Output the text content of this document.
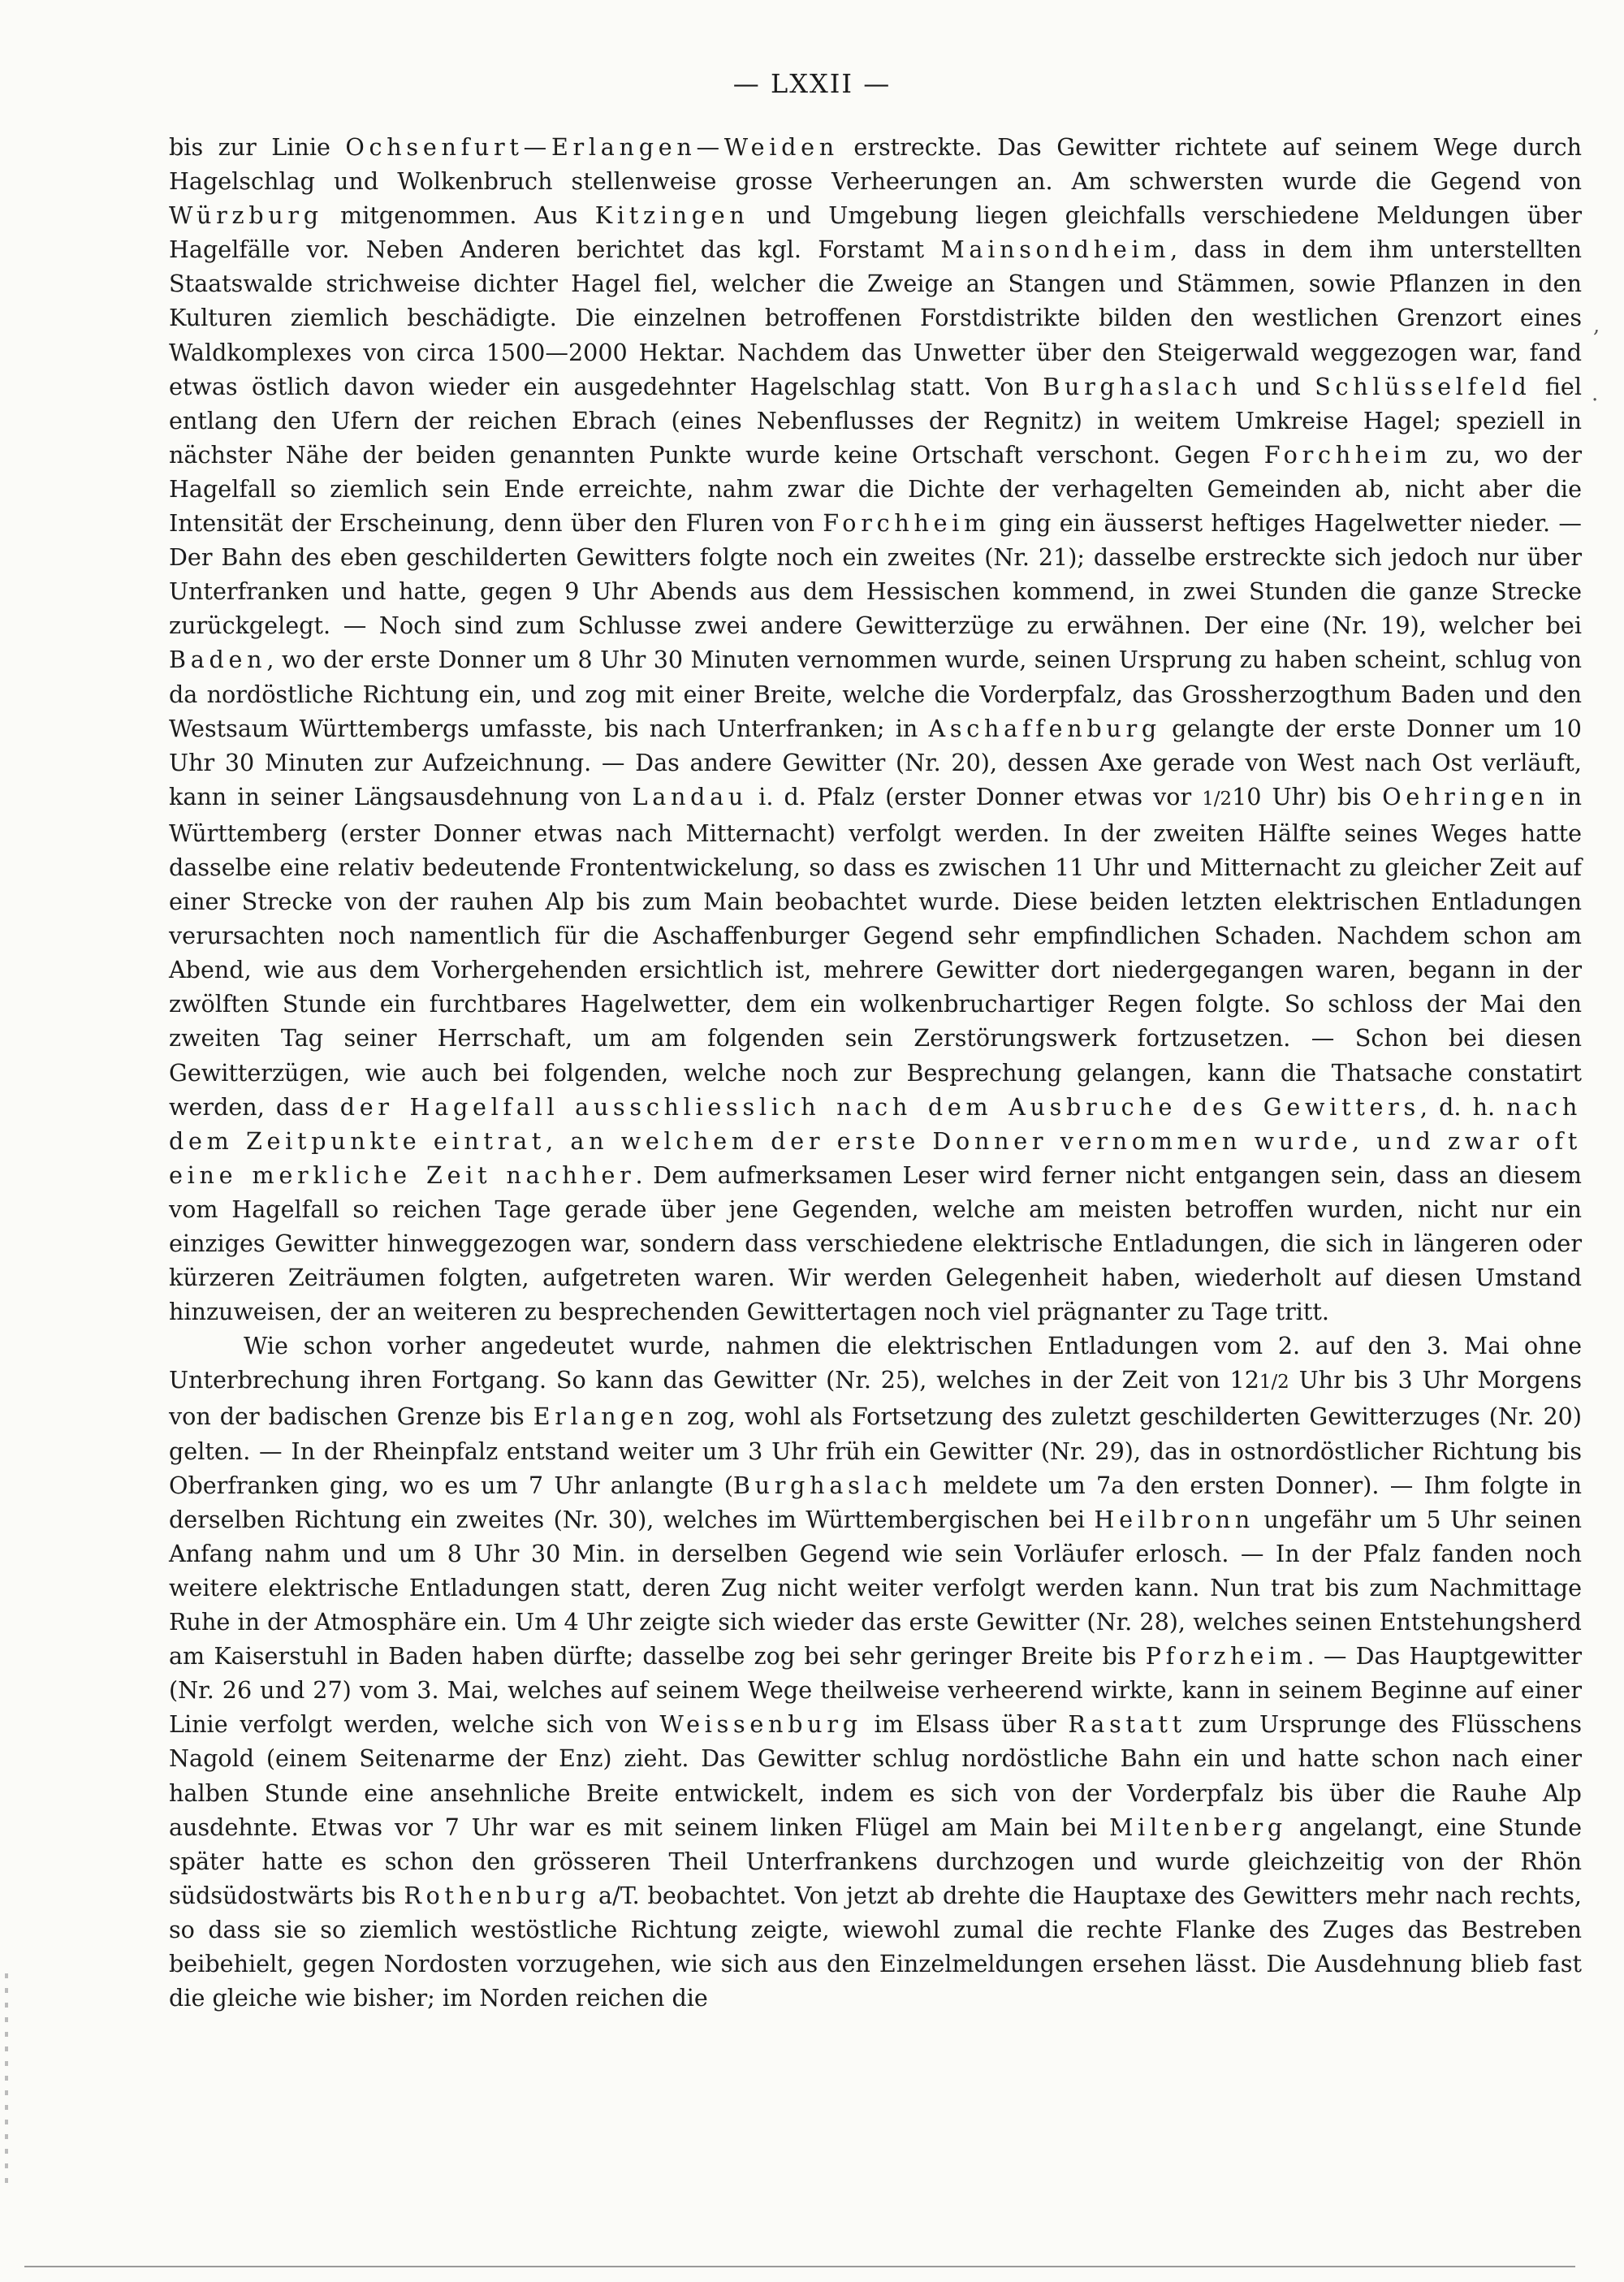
— LXXII —
,
.

bis zur Linie Ochsenfurt—Erlangen—Weiden erstreckte. Das Gewitter richtete auf seinem Wege durch Hagelschlag und Wolkenbruch stellenweise grosse Verheerungen an. Am schwersten wurde die Gegend von Würzburg mitgenommen. Aus Kitzingen und Umgebung liegen gleichfalls verschiedene Meldungen über Hagelfälle vor. Neben Anderen berichtet das kgl. Forstamt Mainsondheim, dass in dem ihm unterstellten Staatswalde strichweise dichter Hagel fiel, welcher die Zweige an Stangen und Stämmen, sowie Pflanzen in den Kulturen ziemlich beschädigte. Die einzelnen betroffenen Forstdistrikte bilden den westlichen Grenzort eines Waldkomplexes von circa 1500—2000 Hektar. Nachdem das Unwetter über den Steigerwald weggezogen war, fand etwas östlich davon wieder ein ausgedehnter Hagelschlag statt. Von Burghaslach und Schlüsselfeld fiel entlang den Ufern der reichen Ebrach (eines Nebenflusses der Regnitz) in weitem Umkreise Hagel; speziell in nächster Nähe der beiden genannten Punkte wurde keine Ortschaft verschont. Gegen Forchheim zu, wo der Hagelfall so ziemlich sein Ende erreichte, nahm zwar die Dichte der verhagelten Gemeinden ab, nicht aber die Intensität der Erscheinung, denn über den Fluren von Forchheim ging ein äusserst heftiges Hagelwetter nieder. — Der Bahn des eben geschilderten Gewitters folgte noch ein zweites (Nr. 21); dasselbe erstreckte sich jedoch nur über Unterfranken und hatte, gegen 9 Uhr Abends aus dem Hessischen kommend, in zwei Stunden die ganze Strecke zurückgelegt. — Noch sind zum Schlusse zwei andere Gewitterzüge zu erwähnen. Der eine (Nr. 19), welcher bei Baden, wo der erste Donner um 8 Uhr 30 Minuten vernommen wurde, seinen Ursprung zu haben scheint, schlug von da nordöstliche Richtung ein, und zog mit einer Breite, welche die Vorderpfalz, das Grossherzogthum Baden und den Westsaum Württembergs umfasste, bis nach Unterfranken; in Aschaffenburg gelangte der erste Donner um 10 Uhr 30 Minuten zur Aufzeichnung. — Das andere Gewitter (Nr. 20), dessen Axe gerade von West nach Ost verläuft, kann in seiner Längsausdehnung von Landau i. d. Pfalz (erster Donner etwas vor 1/210 Uhr) bis Oehringen in Württemberg (erster Donner etwas nach Mitternacht) verfolgt werden. In der zweiten Hälfte seines Weges hatte dasselbe eine relativ bedeutende Frontentwickelung, so dass es zwischen 11 Uhr und Mitternacht zu gleicher Zeit auf einer Strecke von der rauhen Alp bis zum Main beobachtet wurde. Diese beiden letzten elektrischen Entladungen verursachten noch namentlich für die Aschaffenburger Gegend sehr empfindlichen Schaden. Nachdem schon am Abend, wie aus dem Vorhergehenden ersichtlich ist, mehrere Gewitter dort niedergegangen waren, begann in der zwölften Stunde ein furchtbares Hagelwetter, dem ein wolkenbruchartiger Regen folgte. So schloss der Mai den zweiten Tag seiner Herrschaft, um am folgenden sein Zerstörungswerk fortzusetzen. — Schon bei diesen Gewitterzügen, wie auch bei folgenden, welche noch zur Besprechung gelangen, kann die Thatsache constatirt werden, dass der Hagelfall ausschliesslich nach dem Ausbruche des Gewitters, d. h. nach dem Zeitpunkte eintrat, an welchem der erste Donner vernommen wurde, und zwar oft eine merkliche Zeit nachher. Dem aufmerksamen Leser wird ferner nicht entgangen sein, dass an diesem vom Hagelfall so reichen Tage gerade über jene Gegenden, welche am meisten betroffen wurden, nicht nur ein einziges Gewitter hinweggezogen war, sondern dass verschiedene elektrische Entladungen, die sich in längeren oder kürzeren Zeiträumen folgten, aufgetreten waren. Wir werden Gelegenheit haben, wiederholt auf diesen Umstand hinzuweisen, der an weiteren zu besprechenden Gewittertagen noch viel prägnanter zu Tage tritt.

Wie schon vorher angedeutet wurde, nahmen die elektrischen Entladungen vom 2. auf den 3. Mai ohne Unterbrechung ihren Fortgang. So kann das Gewitter (Nr. 25), welches in der Zeit von 121/2 Uhr bis 3 Uhr Morgens von der badischen Grenze bis Erlangen zog, wohl als Fortsetzung des zuletzt geschilderten Gewitterzuges (Nr. 20) gelten. — In der Rheinpfalz entstand weiter um 3 Uhr früh ein Gewitter (Nr. 29), das in ostnordöstlicher Richtung bis Oberfranken ging, wo es um 7 Uhr anlangte (Burghaslach meldete um 7a den ersten Donner). — Ihm folgte in derselben Richtung ein zweites (Nr. 30), welches im Württembergischen bei Heilbronn ungefähr um 5 Uhr seinen Anfang nahm und um 8 Uhr 30 Min. in derselben Gegend wie sein Vorläufer erlosch. — In der Pfalz fanden noch weitere elektrische Entladungen statt, deren Zug nicht weiter verfolgt werden kann. Nun trat bis zum Nachmittage Ruhe in der Atmosphäre ein. Um 4 Uhr zeigte sich wieder das erste Gewitter (Nr. 28), welches seinen Entstehungsherd am Kaiserstuhl in Baden haben dürfte; dasselbe zog bei sehr geringer Breite bis Pforzheim. — Das Hauptgewitter (Nr. 26 und 27) vom 3. Mai, welches auf seinem Wege theilweise verheerend wirkte, kann in seinem Beginne auf einer Linie verfolgt werden, welche sich von Weissenburg im Elsass über Rastatt zum Ursprunge des Flüsschens Nagold (einem Seitenarme der Enz) zieht. Das Gewitter schlug nordöstliche Bahn ein und hatte schon nach einer halben Stunde eine ansehnliche Breite entwickelt, indem es sich von der Vorderpfalz bis über die Rauhe Alp ausdehnte. Etwas vor 7 Uhr war es mit seinem linken Flügel am Main bei Miltenberg angelangt, eine Stunde später hatte es schon den grösseren Theil Unterfrankens durchzogen und wurde gleichzeitig von der Rhön südsüdostwärts bis Rothenburg a/T. beobachtet. Von jetzt ab drehte die Hauptaxe des Gewitters mehr nach rechts, so dass sie so ziemlich westöstliche Richtung zeigte, wiewohl zumal die rechte Flanke des Zuges das Bestreben beibehielt, gegen Nordosten vorzugehen, wie sich aus den Einzelmeldungen ersehen lässt. Die Ausdehnung blieb fast die gleiche wie bisher; im Norden reichen die
